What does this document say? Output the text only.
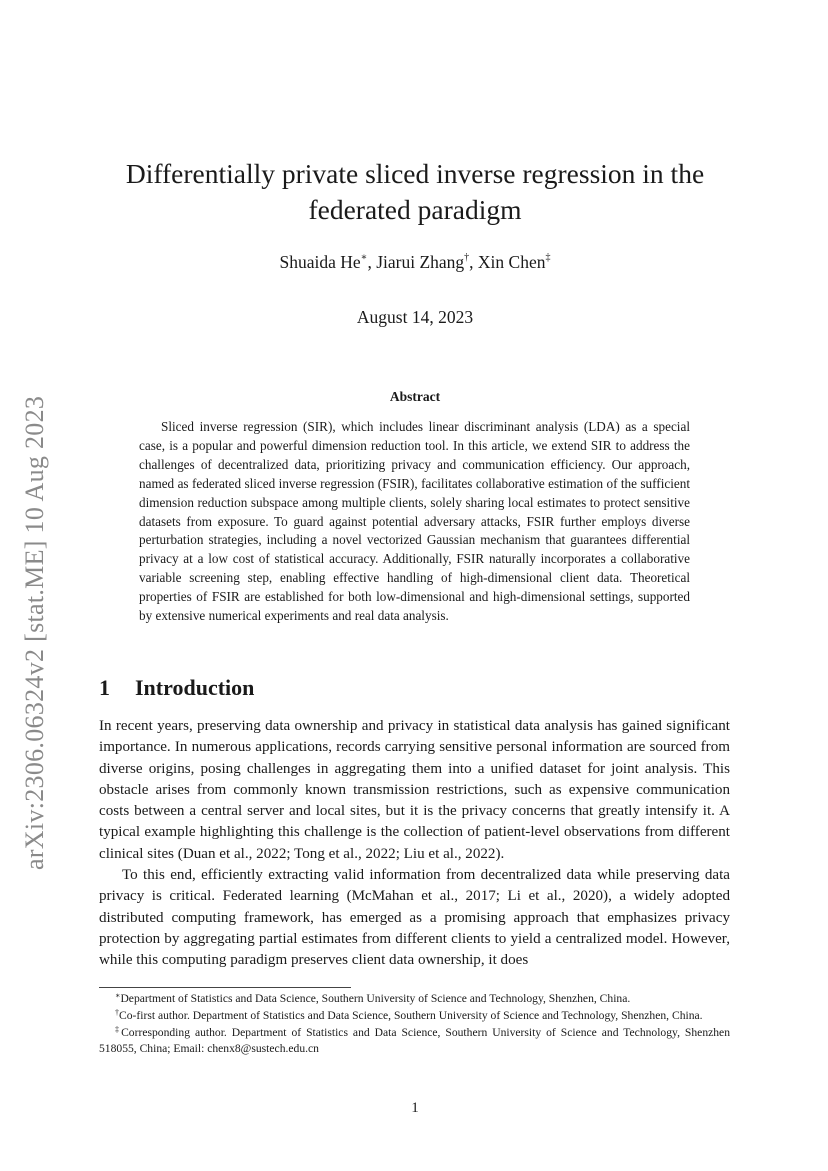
arXiv:2306.06324v2 [stat.ME] 10 Aug 2023
Differentially private sliced inverse regression in the federated paradigm
Shuaida He∗, Jiarui Zhang†, Xin Chen‡
August 14, 2023
Abstract
Sliced inverse regression (SIR), which includes linear discriminant analysis (LDA) as a special case, is a popular and powerful dimension reduction tool. In this article, we extend SIR to address the challenges of decentralized data, prioritizing privacy and communication efficiency. Our approach, named as federated sliced inverse regression (FSIR), facilitates collaborative estimation of the sufficient dimension reduction subspace among multiple clients, solely sharing local estimates to protect sensitive datasets from exposure. To guard against potential adversary attacks, FSIR further employs diverse perturbation strategies, including a novel vectorized Gaussian mechanism that guarantees differential privacy at a low cost of statistical accuracy. Additionally, FSIR naturally incorporates a collaborative variable screening step, enabling effective handling of high-dimensional client data. Theoretical properties of FSIR are established for both low-dimensional and high-dimensional settings, supported by extensive numerical experiments and real data analysis.
1 Introduction

In recent years, preserving data ownership and privacy in statistical data analysis has gained significant importance. In numerous applications, records carrying sensitive personal information are sourced from diverse origins, posing challenges in aggregating them into a unified dataset for joint analysis. This obstacle arises from commonly known transmission restrictions, such as expensive communication costs between a central server and local sites, but it is the privacy concerns that greatly intensify it. A typical example highlighting this challenge is the collection of patient-level observations from different clinical sites (Duan et al., 2022; Tong et al., 2022; Liu et al., 2022).

To this end, efficiently extracting valid information from decentralized data while preserving data privacy is critical. Federated learning (McMahan et al., 2017; Li et al., 2020), a widely adopted distributed computing framework, has emerged as a promising approach that emphasizes privacy protection by aggregating partial estimates from different clients to yield a centralized model. However, while this computing paradigm preserves client data ownership, it does

∗Department of Statistics and Data Science, Southern University of Science and Technology, Shenzhen, China.

†Co-first author. Department of Statistics and Data Science, Southern University of Science and Technology, Shenzhen, China.

‡Corresponding author. Department of Statistics and Data Science, Southern University of Science and Technology, Shenzhen 518055, China; Email: chenx8@sustech.edu.cn

1
